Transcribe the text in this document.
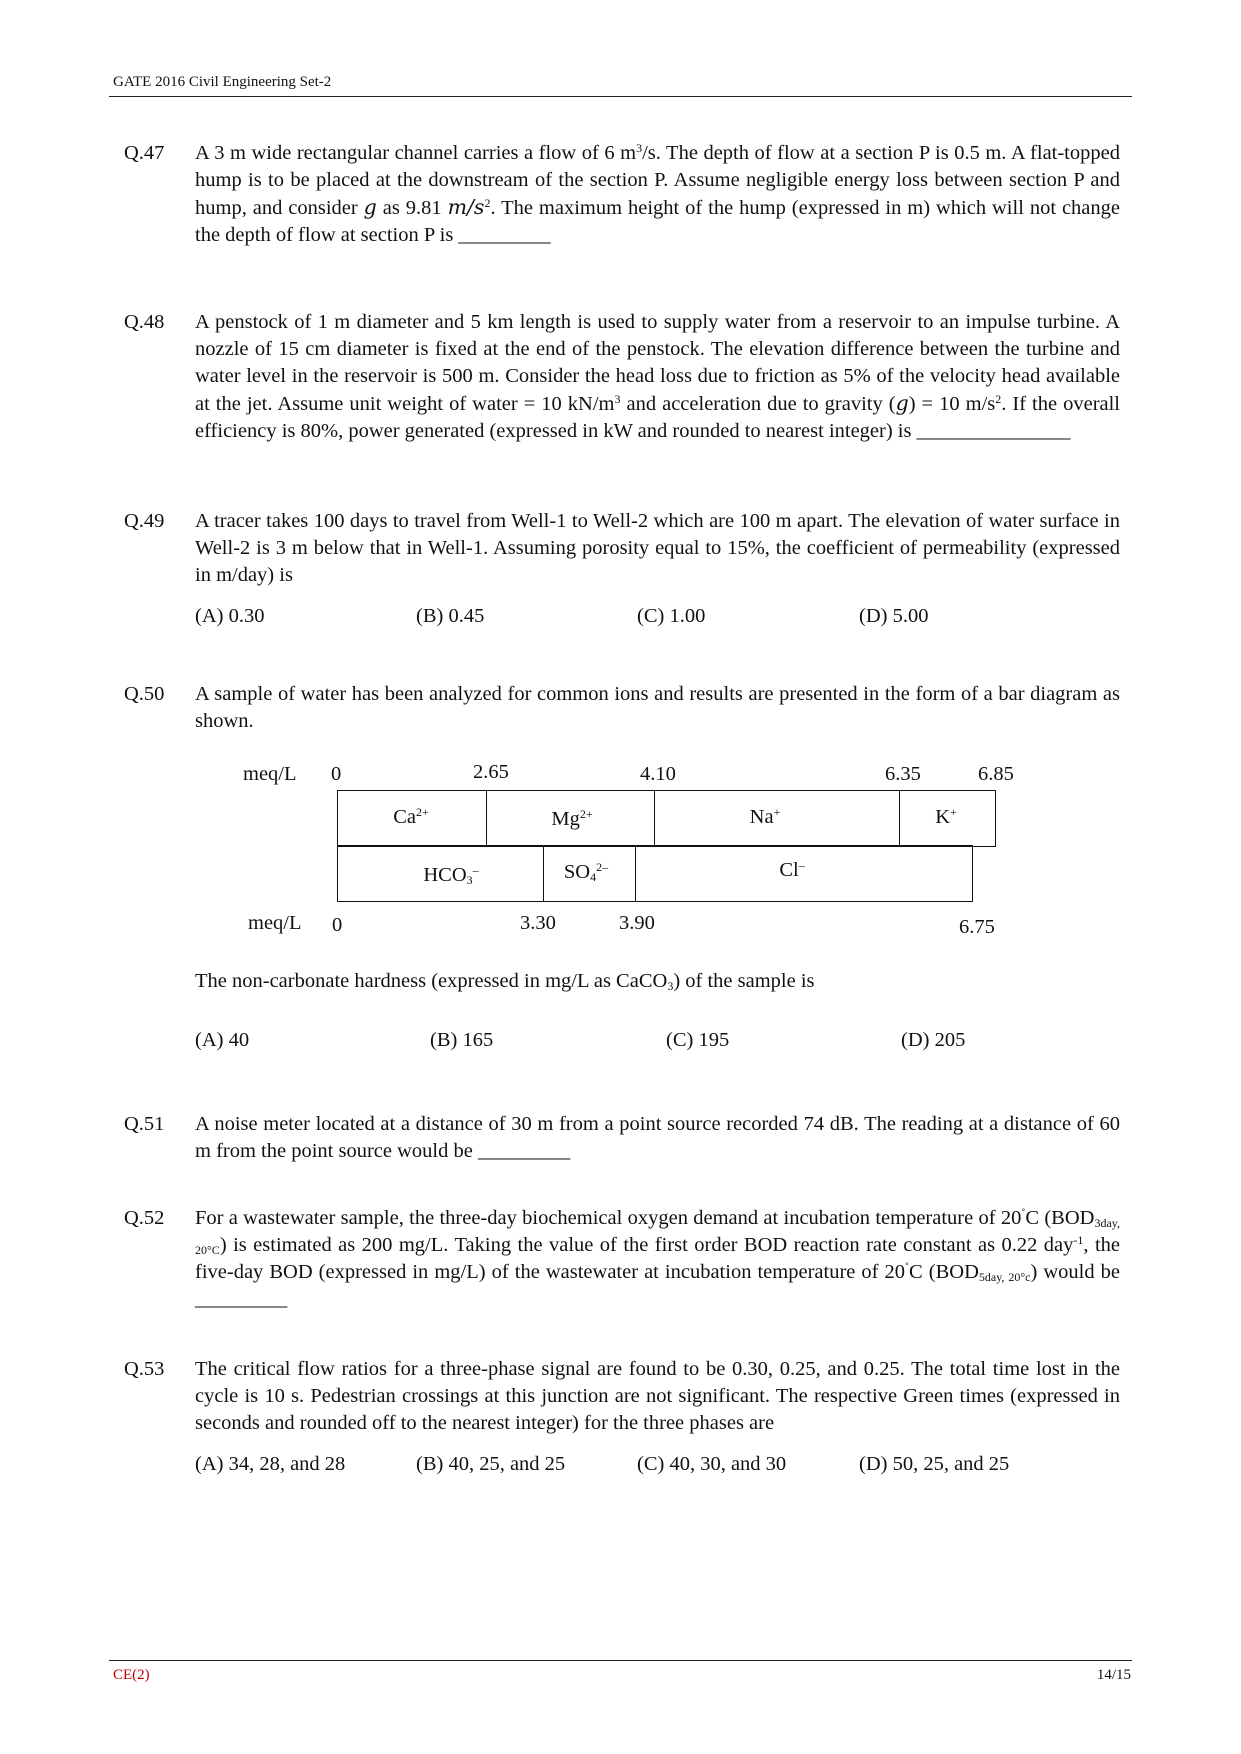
GATE 2016 Civil Engineering Set-2
Q.47 A 3 m wide rectangular channel carries a flow of 6 $m^3/s$. The depth of flow at a section P is 0.5 m. A flat-topped hump is to be placed at the downstream of the section P. Assume negligible energy loss between section P and hump, and consider g as 9.81 $m/s^2$. The maximum height of the hump (expressed in m) which will not change the depth of flow at section P is _________
Q.48 A penstock of 1 m diameter and 5 km length is used to supply water from a reservoir to an impulse turbine. A nozzle of 15 cm diameter is fixed at the end of the penstock. The elevation difference between the turbine and water level in the reservoir is 500 m. Consider the head loss due to friction as 5% of the velocity head available at the jet. Assume unit weight of water = 10 $kN/m^3$ and acceleration due to gravity (g) = 10 $m/s^2$. If the overall efficiency is 80%, power generated (expressed in kW and rounded to nearest integer) is _______________
Q.49 A tracer takes 100 days to travel from Well-1 to Well-2 which are 100 m apart. The elevation of water surface in Well-2 is 3 m below that in Well-1. Assuming porosity equal to 15%, the coefficient of permeability (expressed in m/day) is
(A) 0.30	(B) 0.45	(C) 1.00	(D) 5.00
Q.50 A sample of water has been analyzed for common ions and results are presented in the form of a bar diagram as shown.
meq/L 0	2.65	4.10	6.35	6.85
$Ca^{2+}$	$Mg^{2+}$	Na+	K+
$HCO_3^-$	$SO_4^{2-}$	Cl–
meq/L 0	3.30	3.90	6.75
The non-carbonate hardness (expressed in mg/L as CaCO$_3$) of the sample is
(A) 40	(B) 165	(C) 195	(D) 205
Q.51 A noise meter located at a distance of 30 m from a point source recorded 74 dB. The reading at a distance of 60 m from the point source would be _________
Q.52 For a wastewater sample, the three-day biochemical oxygen demand at incubation temperature of 20˚C $(BOD_{3day, 20^\circ C})$ is estimated as 200 mg/L. Taking the value of the first order BOD reaction rate constant as 0.22 day$^{-1}$, the five-day BOD (expressed in mg/L) of the wastewater at incubation temperature of 20˚C $(BOD_{5day, 20^\circ c})$ would be _________
Q.53 The critical flow ratios for a three-phase signal are found to be 0.30, 0.25, and 0.25. The total time lost in the cycle is 10 s. Pedestrian crossings at this junction are not significant. The respective Green times (expressed in seconds and rounded off to the nearest integer) for the three phases are
(A) 34, 28, and 28	(B) 40, 25, and 25	(C) 40, 30, and 30	(D) 50, 25, and 25
CE(2)	14/15
